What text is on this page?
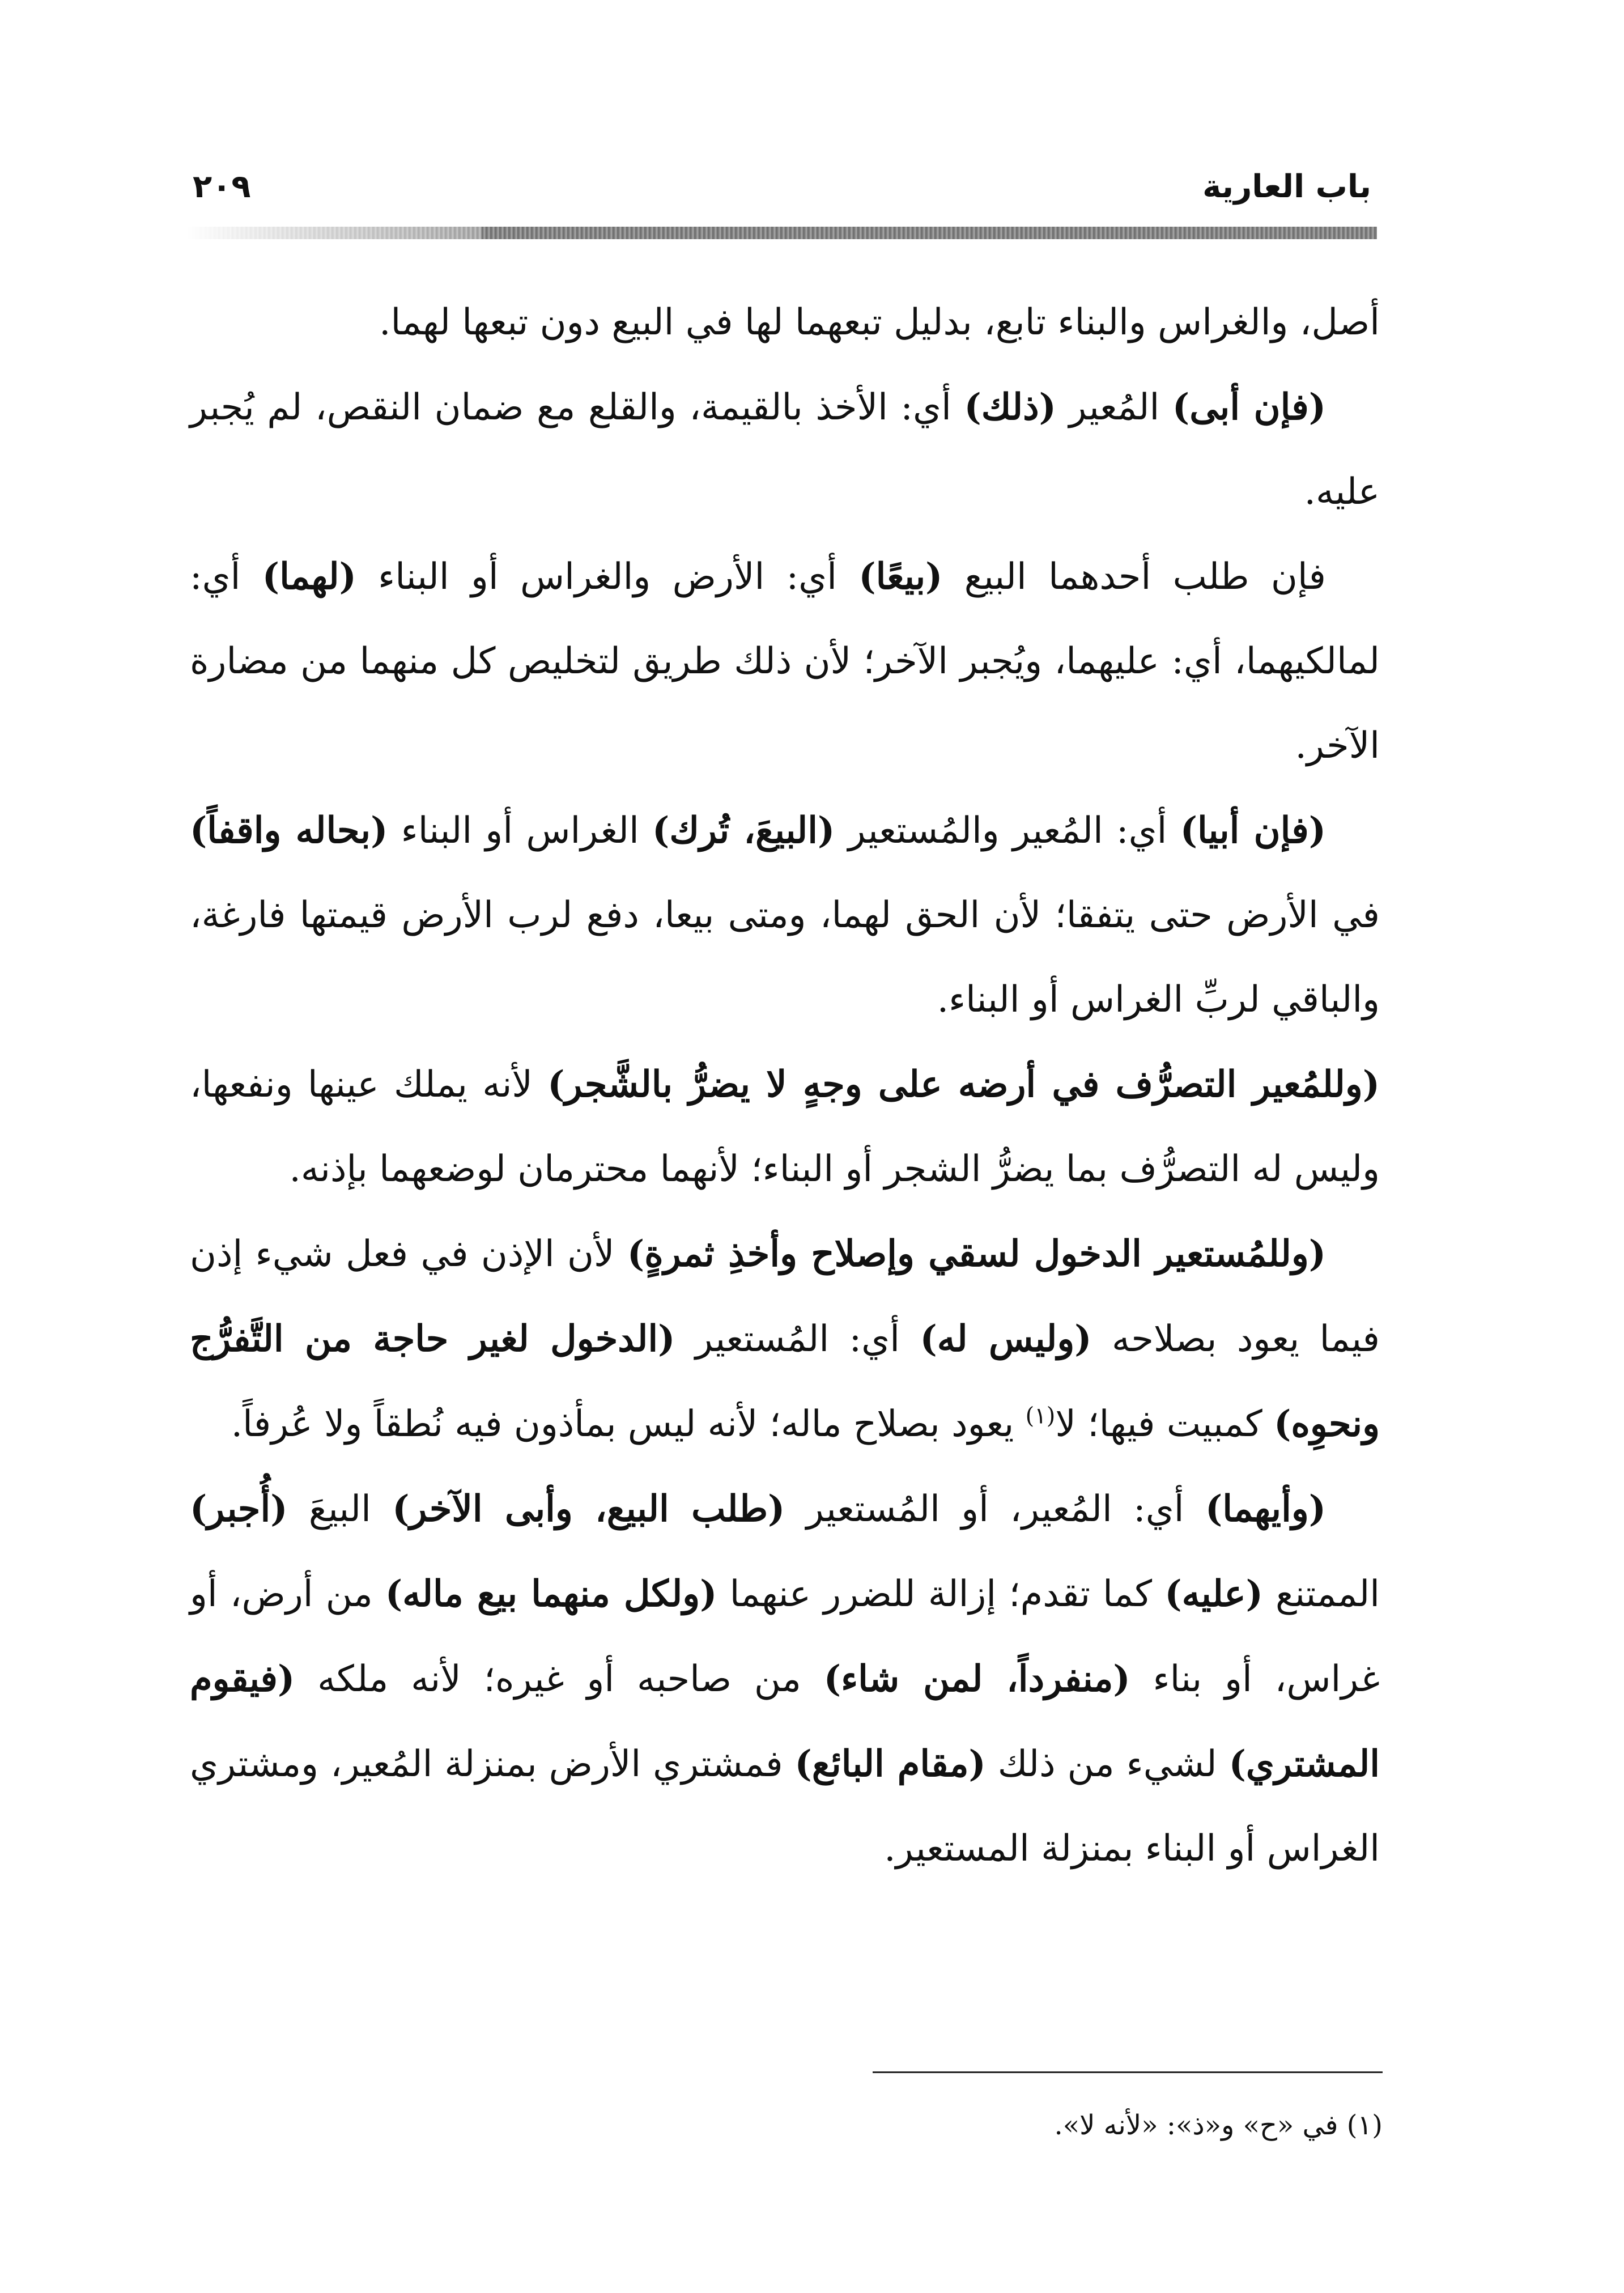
باب العارية
٢٠٩

أصل، والغراس والبناء تابع، بدليل تبعهما لها في البيع دون تبعها لهما.

(فإن أبى) المُعير (ذلك) أي: الأخذ بالقيمة، والقلع مع ضمان النقص، لم يُجبر عليه.

فإن طلب أحدهما البيع (بيعًا) أي: الأرض والغراس أو البناء (لهما) أي: لمالكيهما، أي: عليهما، ويُجبر الآخر؛ لأن ذلك طريق لتخليص كل منهما من مضارة الآخر.

(فإن أبيا) أي: المُعير والمُستعير (البيعَ، تُرك) الغراس أو البناء (بحاله واقفاً) في الأرض حتى يتفقا؛ لأن الحق لهما، ومتى بيعا، دفع لرب الأرض قيمتها فارغة، والباقي لربِّ الغراس أو البناء.

(وللمُعير التصرُّف في أرضه على وجهٍ لا يضرُّ بالشَّجر) لأنه يملك عينها ونفعها، وليس له التصرُّف بما يضرُّ الشجر أو البناء؛ لأنهما محترمان لوضعهما بإذنه.

(وللمُستعير الدخول لسقي وإصلاح وأخذِ ثمرةٍ) لأن الإذن في فعل شيء إذن فيما يعود بصلاحه (وليس له) أي: المُستعير (الدخول لغير حاجة من التَّفرُّج ونحوِه) كمبيت فيها؛ لا$^{(١)}$ يعود بصلاح ماله؛ لأنه ليس بمأذون فيه نُطقاً ولا عُرفاً.

(وأيهما) أي: المُعير، أو المُستعير (طلب البيع، وأبى الآخر) البيعَ (أُجبر) الممتنع (عليه) كما تقدم؛ إزالة للضرر عنهما (ولكل منهما بيع ماله) من أرض، أو غراس، أو بناء (منفرداً، لمن شاء) من صاحبه أو غيره؛ لأنه ملكه (فيقوم المشتري) لشيء من ذلك (مقام البائع) فمشتري الأرض بمنزلة المُعير، ومشتري الغراس أو البناء بمنزلة المستعير.

(١) في «ح» و«ذ»: «لأنه لا».
